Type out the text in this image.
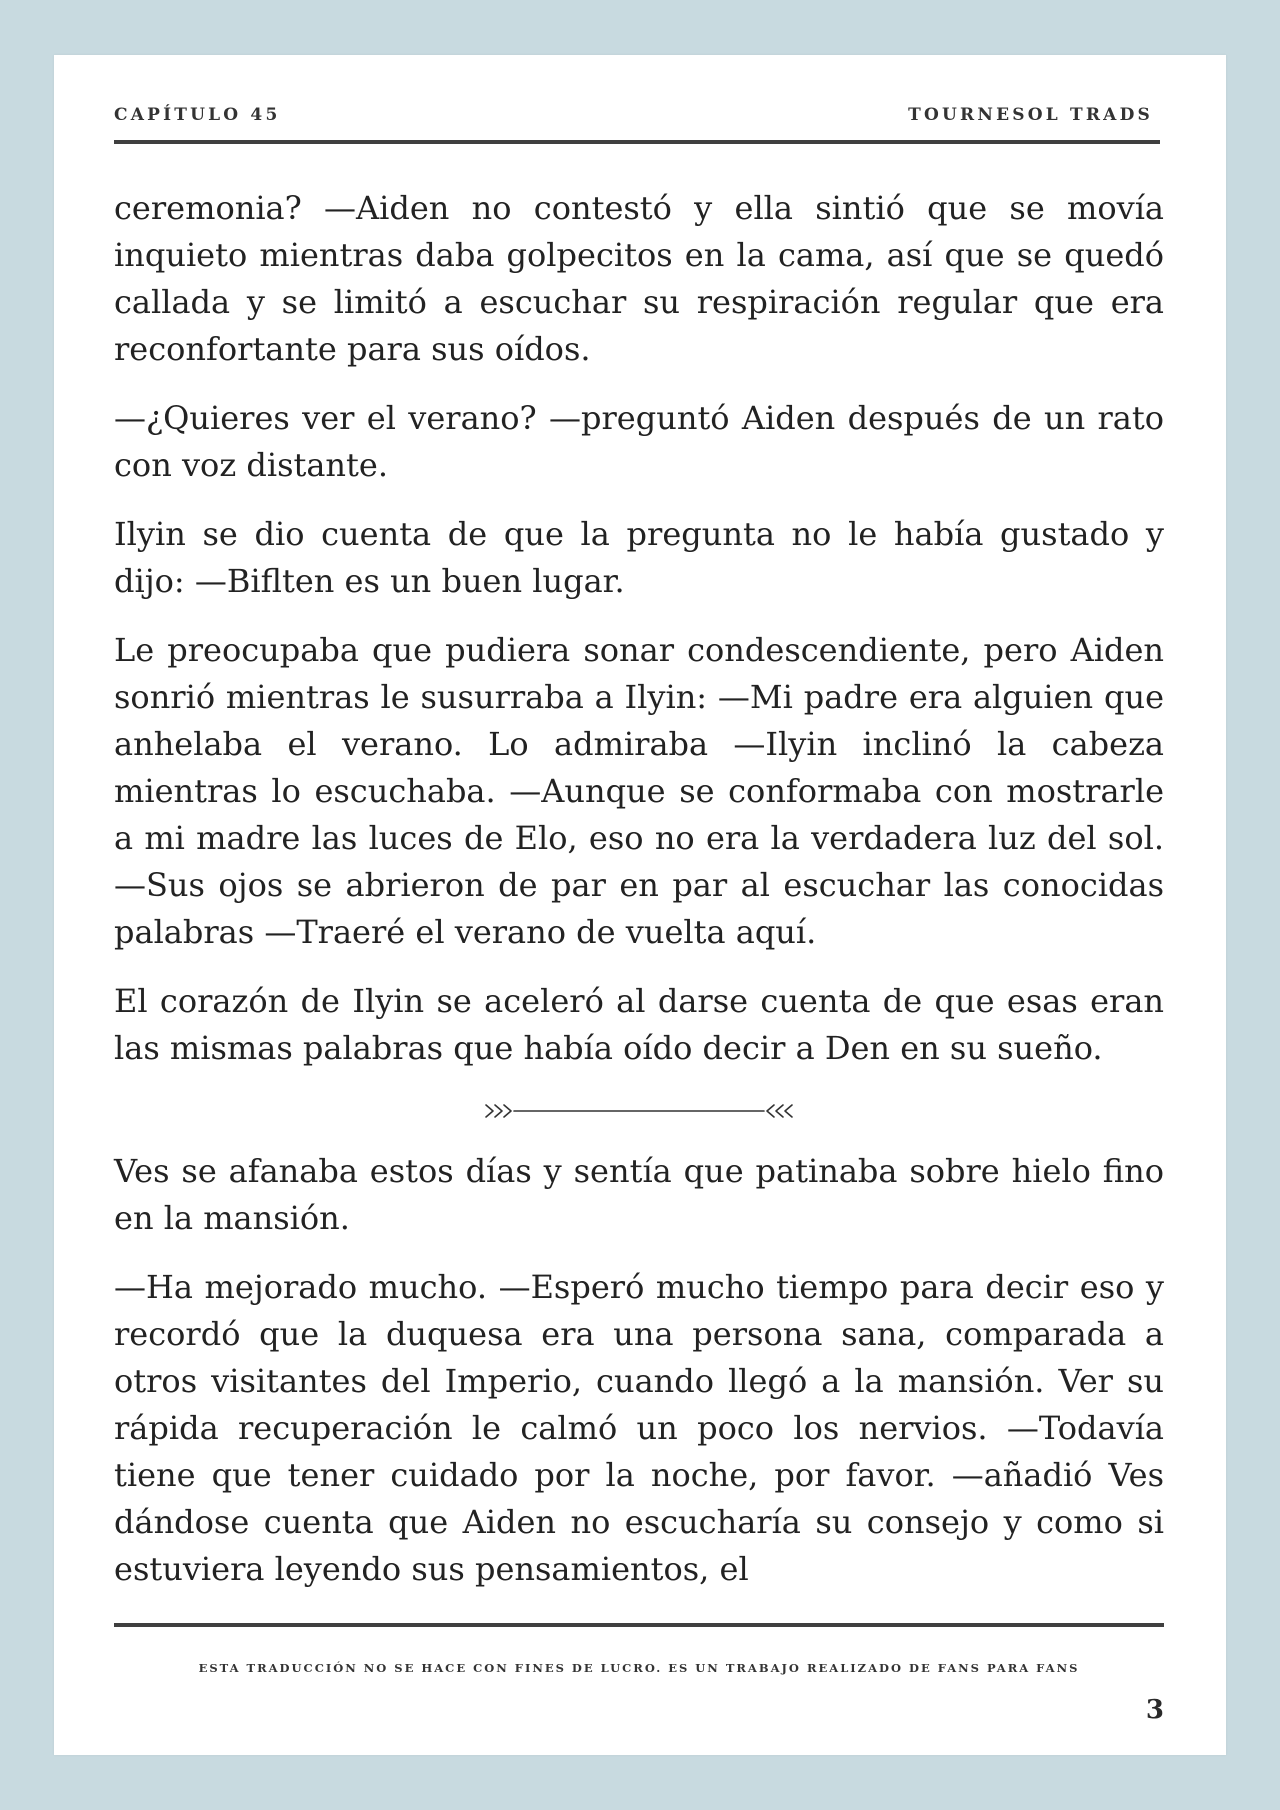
CAPÍTULO 45	TOURNESOL TRADS

ceremonia? —Aiden no contestó y ella sintió que se movía inquieto mientras daba golpecitos en la cama, así que se quedó callada y se limitó a escuchar su respiración regular que era reconfortante para sus oídos.

—¿Quieres ver el verano? —preguntó Aiden después de un rato con voz distante.

Ilyin se dio cuenta de que la pregunta no le había gustado y dijo: —Biflten es un buen lugar.

Le preocupaba que pudiera sonar condescendiente, pero Aiden sonrió mientras le susurraba a Ilyin: —Mi padre era alguien que anhelaba el verano. Lo admiraba —Ilyin inclinó la cabeza mientras lo escuchaba. —Aunque se conformaba con mostrarle a mi madre las luces de Elo, eso no era la verdadera luz del sol. —Sus ojos se abrieron de par en par al escuchar las conocidas palabras —Traeré el verano de vuelta aquí.

El corazón de Ilyin se aceleró al darse cuenta de que esas eran las mismas palabras que había oído decir a Den en su sueño.

Ves se afanaba estos días y sentía que patinaba sobre hielo fino en la mansión.

—Ha mejorado mucho. —Esperó mucho tiempo para decir eso y recordó que la duquesa era una persona sana, comparada a otros visitantes del Imperio, cuando llegó a la mansión. Ver su rápida recuperación le calmó un poco los nervios. —Todavía tiene que tener cuidado por la noche, por favor. —añadió Ves dándose cuenta que Aiden no escucharía su consejo y como si estuviera leyendo sus pensamientos, el

ESTA TRADUCCIÓN NO SE HACE CON FINES DE LUCRO. ES UN TRABAJO REALIZADO DE FANS PARA FANS
3
